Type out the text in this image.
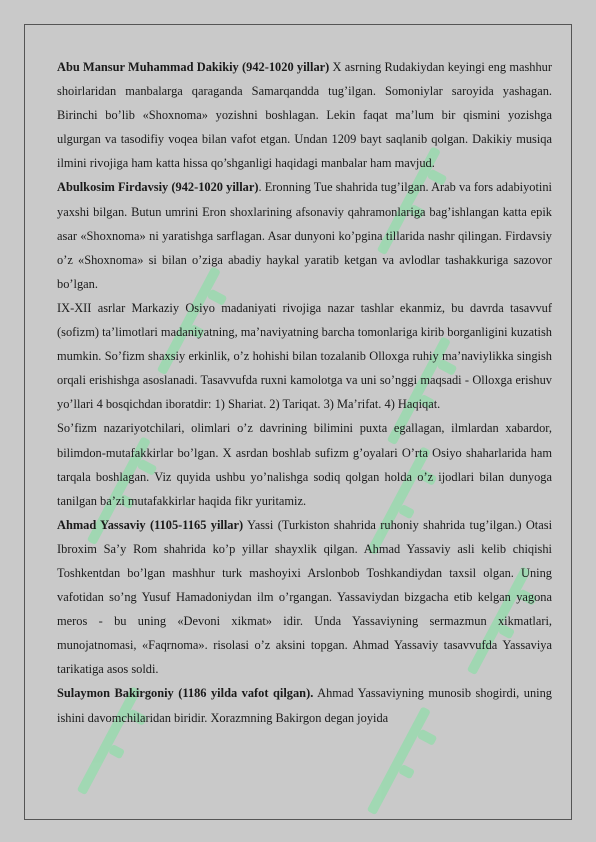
Abu Mansur Muhammad Dakikiy (942-1020 yillar) X asrning Rudakiydan keyingi eng mashhur shoirlaridan manbalarga qaraganda Samarqandda tug’ilgan. Somoniylar saroyida yashagan. Birinchi bo’lib «Shoxnoma» yozishni boshlagan. Lekin faqat ma’lum bir qismini yozishga ulgurgan va tasodifiy voqea bilan vafot etgan. Undan 1209 bayt saqlanib qolgan. Dakikiy musiqa ilmini rivojiga ham katta hissa qo’shganligi haqidagi manbalar ham mavjud.

Abulkosim Firdavsiy (942-1020 yillar). Eronning Tue shahrida tug’ilgan. Arab va fors adabiyotini yaxshi bilgan. Butun umrini Eron shoxlarining afsonaviy qahramonlariga bag’ishlangan katta epik asar «Shoxnoma» ni yaratishga sarflagan. Asar dunyoni ko’pgina tillarida nashr qilingan. Firdavsiy o’z «Shoxnoma» si bilan o’ziga abadiy haykal yaratib ketgan va avlodlar tashakkuriga sazovor bo’lgan.

IX-XII asrlar Markaziy Osiyo madaniyati rivojiga nazar tashlar ekanmiz, bu davrda tasavvuf (sofizm) ta’limotlari madaniyatning, ma’naviyatning barcha tomonlariga kirib borganligini kuzatish mumkin. So’fizm shaxsiy erkinlik, o’z hohishi bilan tozalanib Olloxga ruhiy ma’naviylikka singish orqali erishishga asoslanadi. Tasavvufda ruxni kamolotga va uni so’nggi maqsadi - Olloxga erishuv yo’llari 4 bosqichdan iboratdir: 1) Shariat. 2) Tariqat. 3) Ma’rifat. 4) Haqiqat.

So’fizm nazariyotchilari, olimlari o’z davrining bilimini puxta egallagan, ilmlardan xabardor, bilimdon-mutafakkirlar bo’lgan. X asrdan boshlab sufizm g’oyalari O’rta Osiyo shaharlarida ham tarqala boshlagan. Viz quyida ushbu yo’nalishga sodiq qolgan holda o’z ijodlari bilan dunyoga tanilgan ba’zi mutafakkirlar haqida fikr yuritamiz.

Ahmad Yassaviy (1105-1165 yillar) Yassi (Turkiston shahrida ruhoniy shahrida tug’ilgan.) Otasi Ibroxim Sa’y Rom shahrida ko’p yillar shayxlik qilgan. Ahmad Yassaviy asli kelib chiqishi Toshkentdan bo’lgan mashhur turk mashoyixi Arslonbob Toshkandiydan taxsil olgan. Uning vafotidan so’ng Yusuf Hamadoniydan ilm o’rgangan. Yassaviydan bizgacha etib kelgan yagona meros - bu uning «Devoni xikmat» idir. Unda Yassaviyning sermazmun xikmatlari, munojatnomasi, «Faqrnoma». risolasi o’z aksini topgan. Ahmad Yassaviy tasavvufda Yassaviya tarikatiga asos soldi.

Sulaymon Bakirgoniy (1186 yilda vafot qilgan). Ahmad Yassaviyning munosib shogirdi, uning ishini davomchilaridan biridir. Xorazmning Bakirgon degan joyida
